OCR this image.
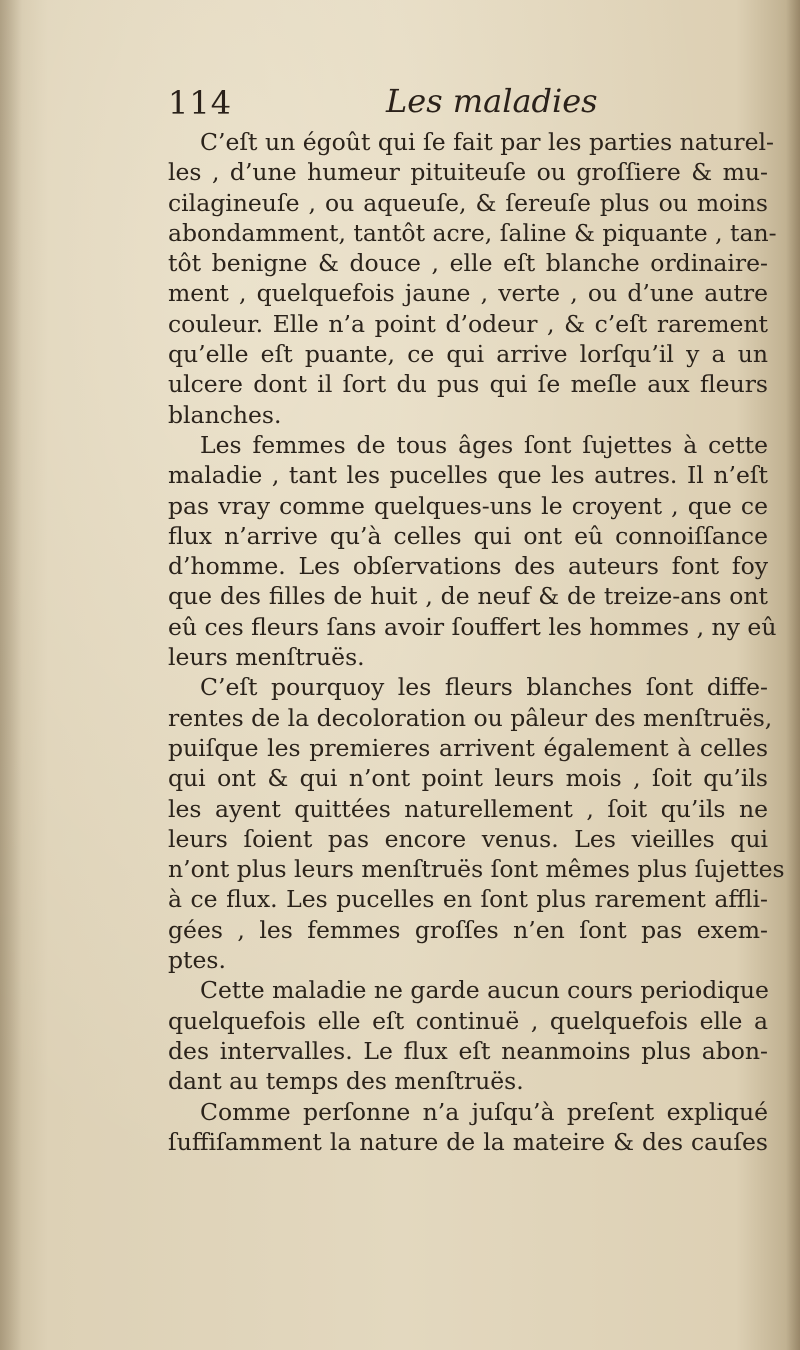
114	Les maladies
C’eſt un égoût qui ſe fait par les parties naturel‑
les , d’une humeur pituiteuſe ou groſſiere & mu-
cilagineuſe , ou aqueuſe, & ſereuſe plus ou moins
abondamment, tantôt acre, ſaline & piquante , tan-
tôt benigne & douce , elle eſt blanche ordinaire-
ment , quelquefois jaune , verte , ou d’une autre
couleur. Elle n’a point d’odeur , & c’eſt rarement
qu’elle eſt puante, ce qui arrive lorſqu’il y a un
ulcere dont il ſort du pus qui ſe meſle aux fleurs
blanches.
Les femmes de tous âges ſont ſujettes à cette
maladie , tant les pucelles que les autres. Il n’eſt
pas vray comme quelques-uns le croyent , que ce
flux n’arrive qu’à celles qui ont eû connoiſſance
d’homme. Les obſervations des auteurs font foy
que des filles de huit , de neuf & de treize-ans ont
eû ces fleurs ſans avoir ſouffert les hommes , ny eû
leurs menſtruës.
C’eſt pourquoy les fleurs blanches ſont diffe-
rentes de la decoloration ou pâleur des menſtruës,
puiſque les premieres arrivent également à celles
qui ont & qui n’ont point leurs mois , ſoit qu’ils
les ayent quittées naturellement , ſoit qu’ils ne
leurs ſoient pas encore venus. Les vieilles qui
n’ont plus leurs menſtruës ſont mêmes plus ſujettes
à ce flux. Les pucelles en ſont plus rarement affli-
gées , les femmes groſſes n’en ſont pas exem-
ptes.
Cette maladie ne garde aucun cours periodique
quelquefois elle eſt continuë , quelquefois elle a
des intervalles. Le flux eſt neanmoins plus abon-
dant au temps des menſtruës.
Comme perſonne n’a juſqu’à preſent expliqué
ſuffiſamment la nature de la mateire & des cauſes
